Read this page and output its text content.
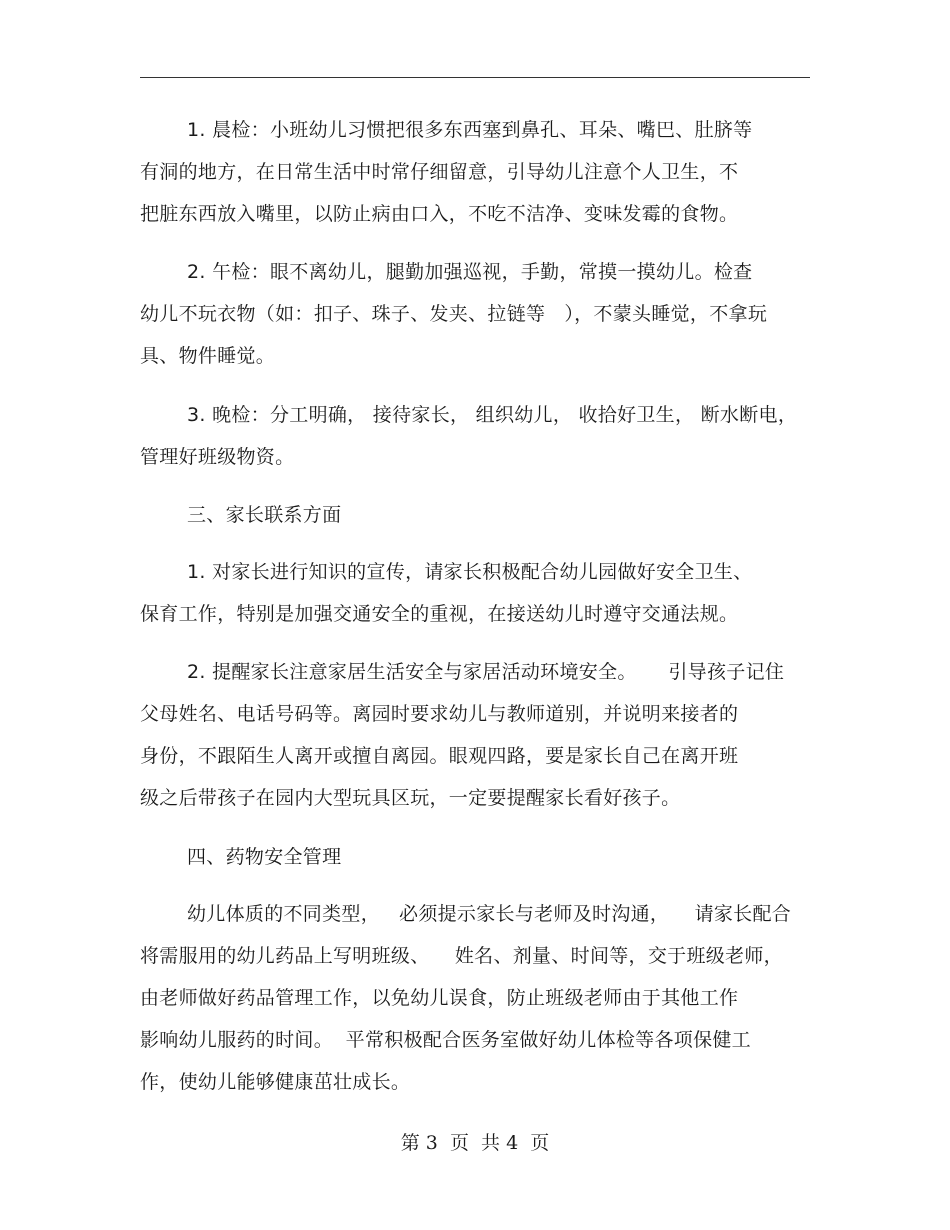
1. 晨检：小班幼儿习惯把很多东西塞到鼻孔、耳朵、嘴巴、肚脐等
有洞的地方，在日常生活中时常仔细留意，引导幼儿注意个人卫生，不
把脏东西放入嘴里，以防止病由口入，不吃不洁净、变味发霉的食物。
2. 午检：眼不离幼儿，腿勤加强巡视，手勤，常摸一摸幼儿。检查
幼儿不玩衣物（如：扣子、珠子、发夹、拉链等   ），不蒙头睡觉，不拿玩
具、物件睡觉。
3. 晚检：分工明确， 接待家长， 组织幼儿， 收拾好卫生， 断水断电，
管理好班级物资。
三、家长联系方面
1. 对家长进行知识的宣传，请家长积极配合幼儿园做好安全卫生、
保育工作，特别是加强交通安全的重视，在接送幼儿时遵守交通法规。
2. 提醒家长注意家居生活安全与家居活动环境安全。     引导孩子记住
父母姓名、电话号码等。离园时要求幼儿与教师道别，并说明来接者的
身份，不跟陌生人离开或擅自离园。眼观四路，要是家长自己在离开班
级之后带孩子在园内大型玩具区玩，一定要提醒家长看好孩子。
四、药物安全管理
幼儿体质的不同类型，   必须提示家长与老师及时沟通，    请家长配合
将需服用的幼儿药品上写明班级、    姓名、剂量、时间等，交于班级老师，
由老师做好药品管理工作，以免幼儿误食，防止班级老师由于其他工作
影响幼儿服药的时间。  平常积极配合医务室做好幼儿体检等各项保健工
作，使幼儿能够健康茁壮成长。
第 3  页  共 4  页
